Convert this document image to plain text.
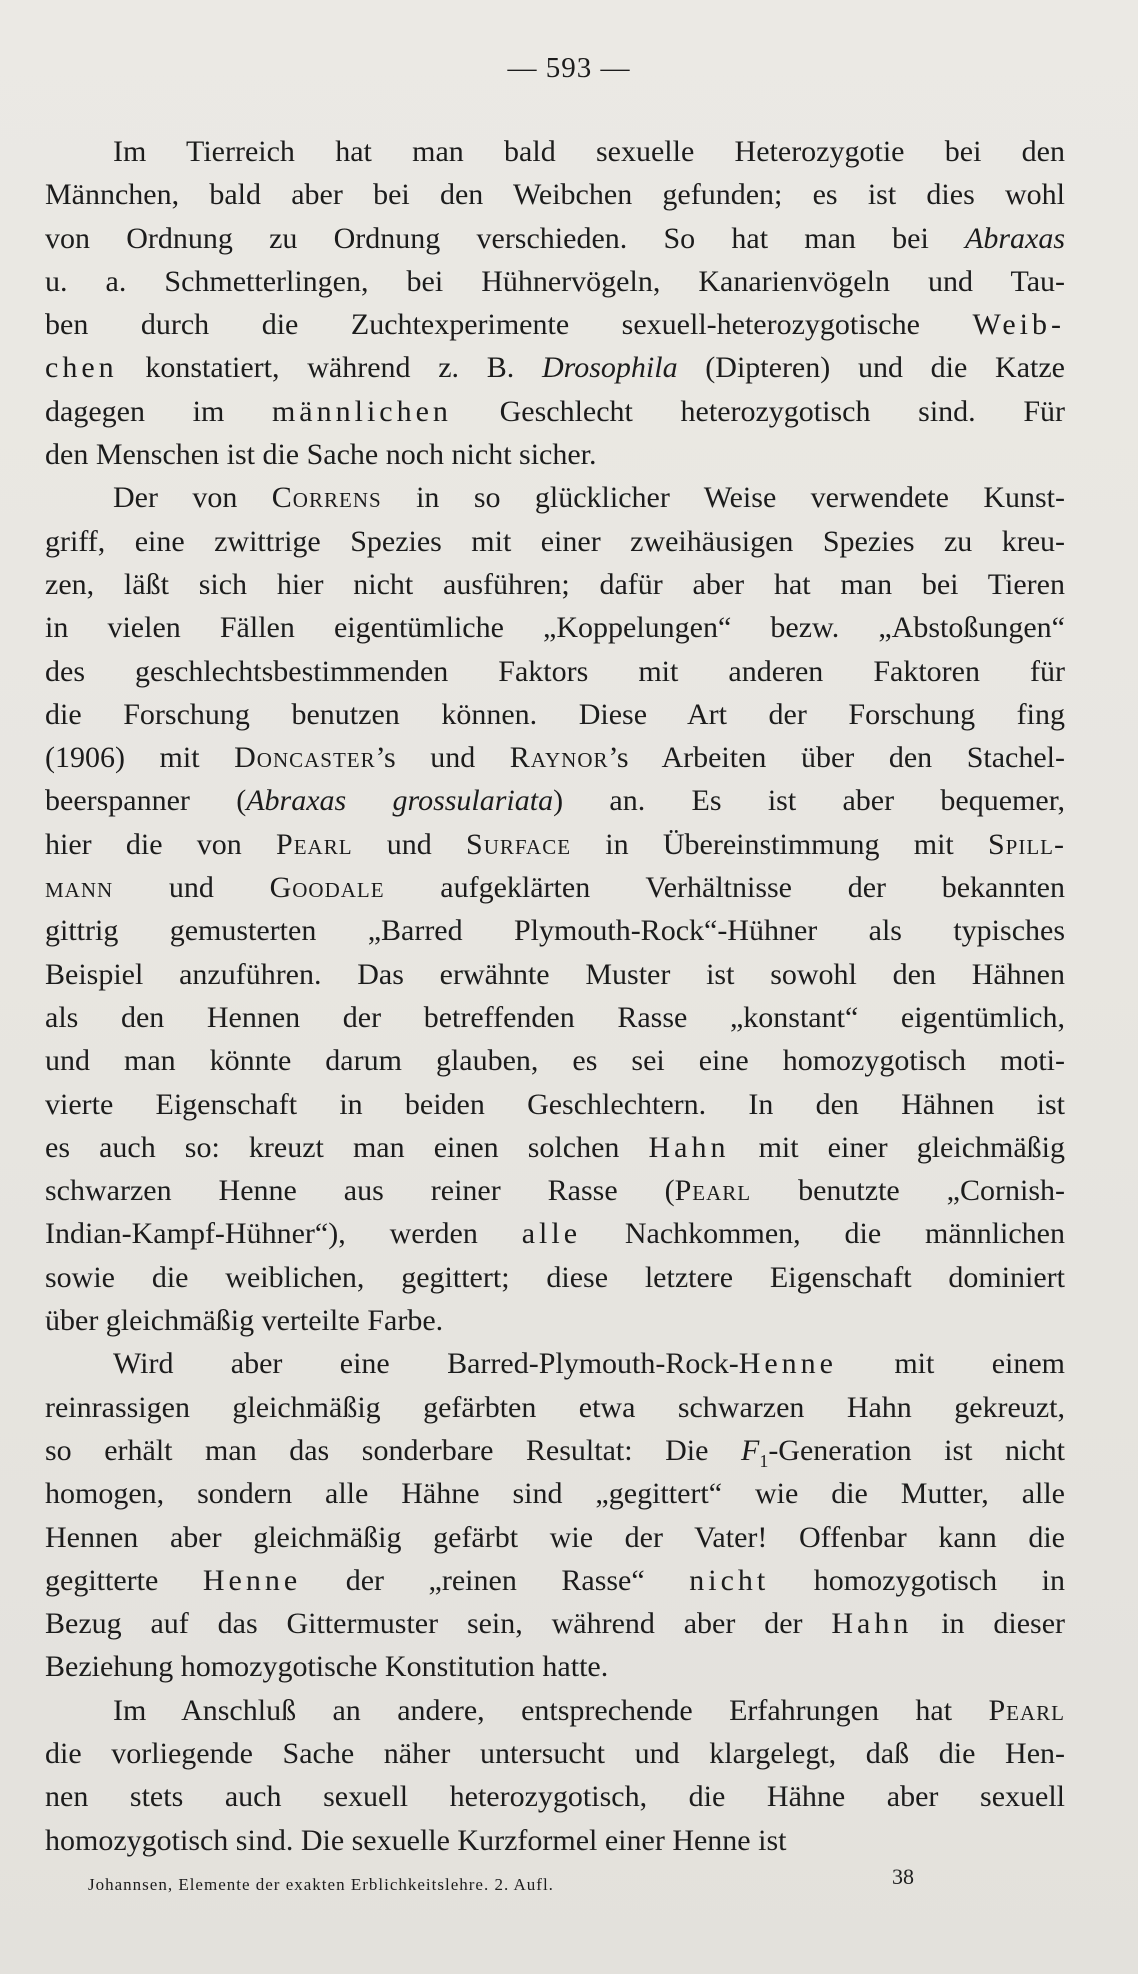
— 593 —
Im Tierreich hat man bald sexuelle Heterozygotie bei den
Männchen, bald aber bei den Weibchen gefunden; es ist dies wohl
von Ordnung zu Ordnung verschieden. So hat man bei Abraxas
u. a. Schmetterlingen, bei Hühnervögeln, Kanarienvögeln und Tau-
ben durch die Zuchtexperimente sexuell-heterozygotische Weib-
chen konstatiert, während z. B. Drosophila (Dipteren) und die Katze
dagegen im männlichen Geschlecht heterozygotisch sind. Für
den Menschen ist die Sache noch nicht sicher.
Der von Correns in so glücklicher Weise verwendete Kunst-
griff, eine zwittrige Spezies mit einer zweihäusigen Spezies zu kreu-
zen, läßt sich hier nicht ausführen; dafür aber hat man bei Tieren
in vielen Fällen eigentümliche „Koppelungen“ bezw. „Abstoßungen“
des geschlechtsbestimmenden Faktors mit anderen Faktoren für
die Forschung benutzen können. Diese Art der Forschung fing
(1906) mit Doncaster’s und Raynor’s Arbeiten über den Stachel-
beerspanner (Abraxas grossulariata) an. Es ist aber bequemer,
hier die von Pearl und Surface in Übereinstimmung mit Spill-
mann und Goodale aufgeklärten Verhältnisse der bekannten
gittrig gemusterten „Barred Plymouth-Rock“-Hühner als typisches
Beispiel anzuführen. Das erwähnte Muster ist sowohl den Hähnen
als den Hennen der betreffenden Rasse „konstant“ eigentümlich,
und man könnte darum glauben, es sei eine homozygotisch moti-
vierte Eigenschaft in beiden Geschlechtern. In den Hähnen ist
es auch so: kreuzt man einen solchen Hahn mit einer gleichmäßig
schwarzen Henne aus reiner Rasse (Pearl benutzte „Cornish-
Indian-Kampf-Hühner“), werden alle Nachkommen, die männlichen
sowie die weiblichen, gegittert; diese letztere Eigenschaft dominiert
über gleichmäßig verteilte Farbe.
Wird aber eine Barred-Plymouth-Rock-Henne mit einem
reinrassigen gleichmäßig gefärbten etwa schwarzen Hahn gekreuzt,
so erhält man das sonderbare Resultat: Die $F_1$-Generation ist nicht
homogen, sondern alle Hähne sind „gegittert“ wie die Mutter, alle
Hennen aber gleichmäßig gefärbt wie der Vater! Offenbar kann die
gegitterte Henne der „reinen Rasse“ nicht homozygotisch in
Bezug auf das Gittermuster sein, während aber der Hahn in dieser
Beziehung homozygotische Konstitution hatte.
Im Anschluß an andere, entsprechende Erfahrungen hat Pearl
die vorliegende Sache näher untersucht und klargelegt, daß die Hen-
nen stets auch sexuell heterozygotisch, die Hähne aber sexuell
homozygotisch sind. Die sexuelle Kurzformel einer Henne ist
Johannsen, Elemente der exakten Erblichkeitslehre. 2. Aufl.	38
